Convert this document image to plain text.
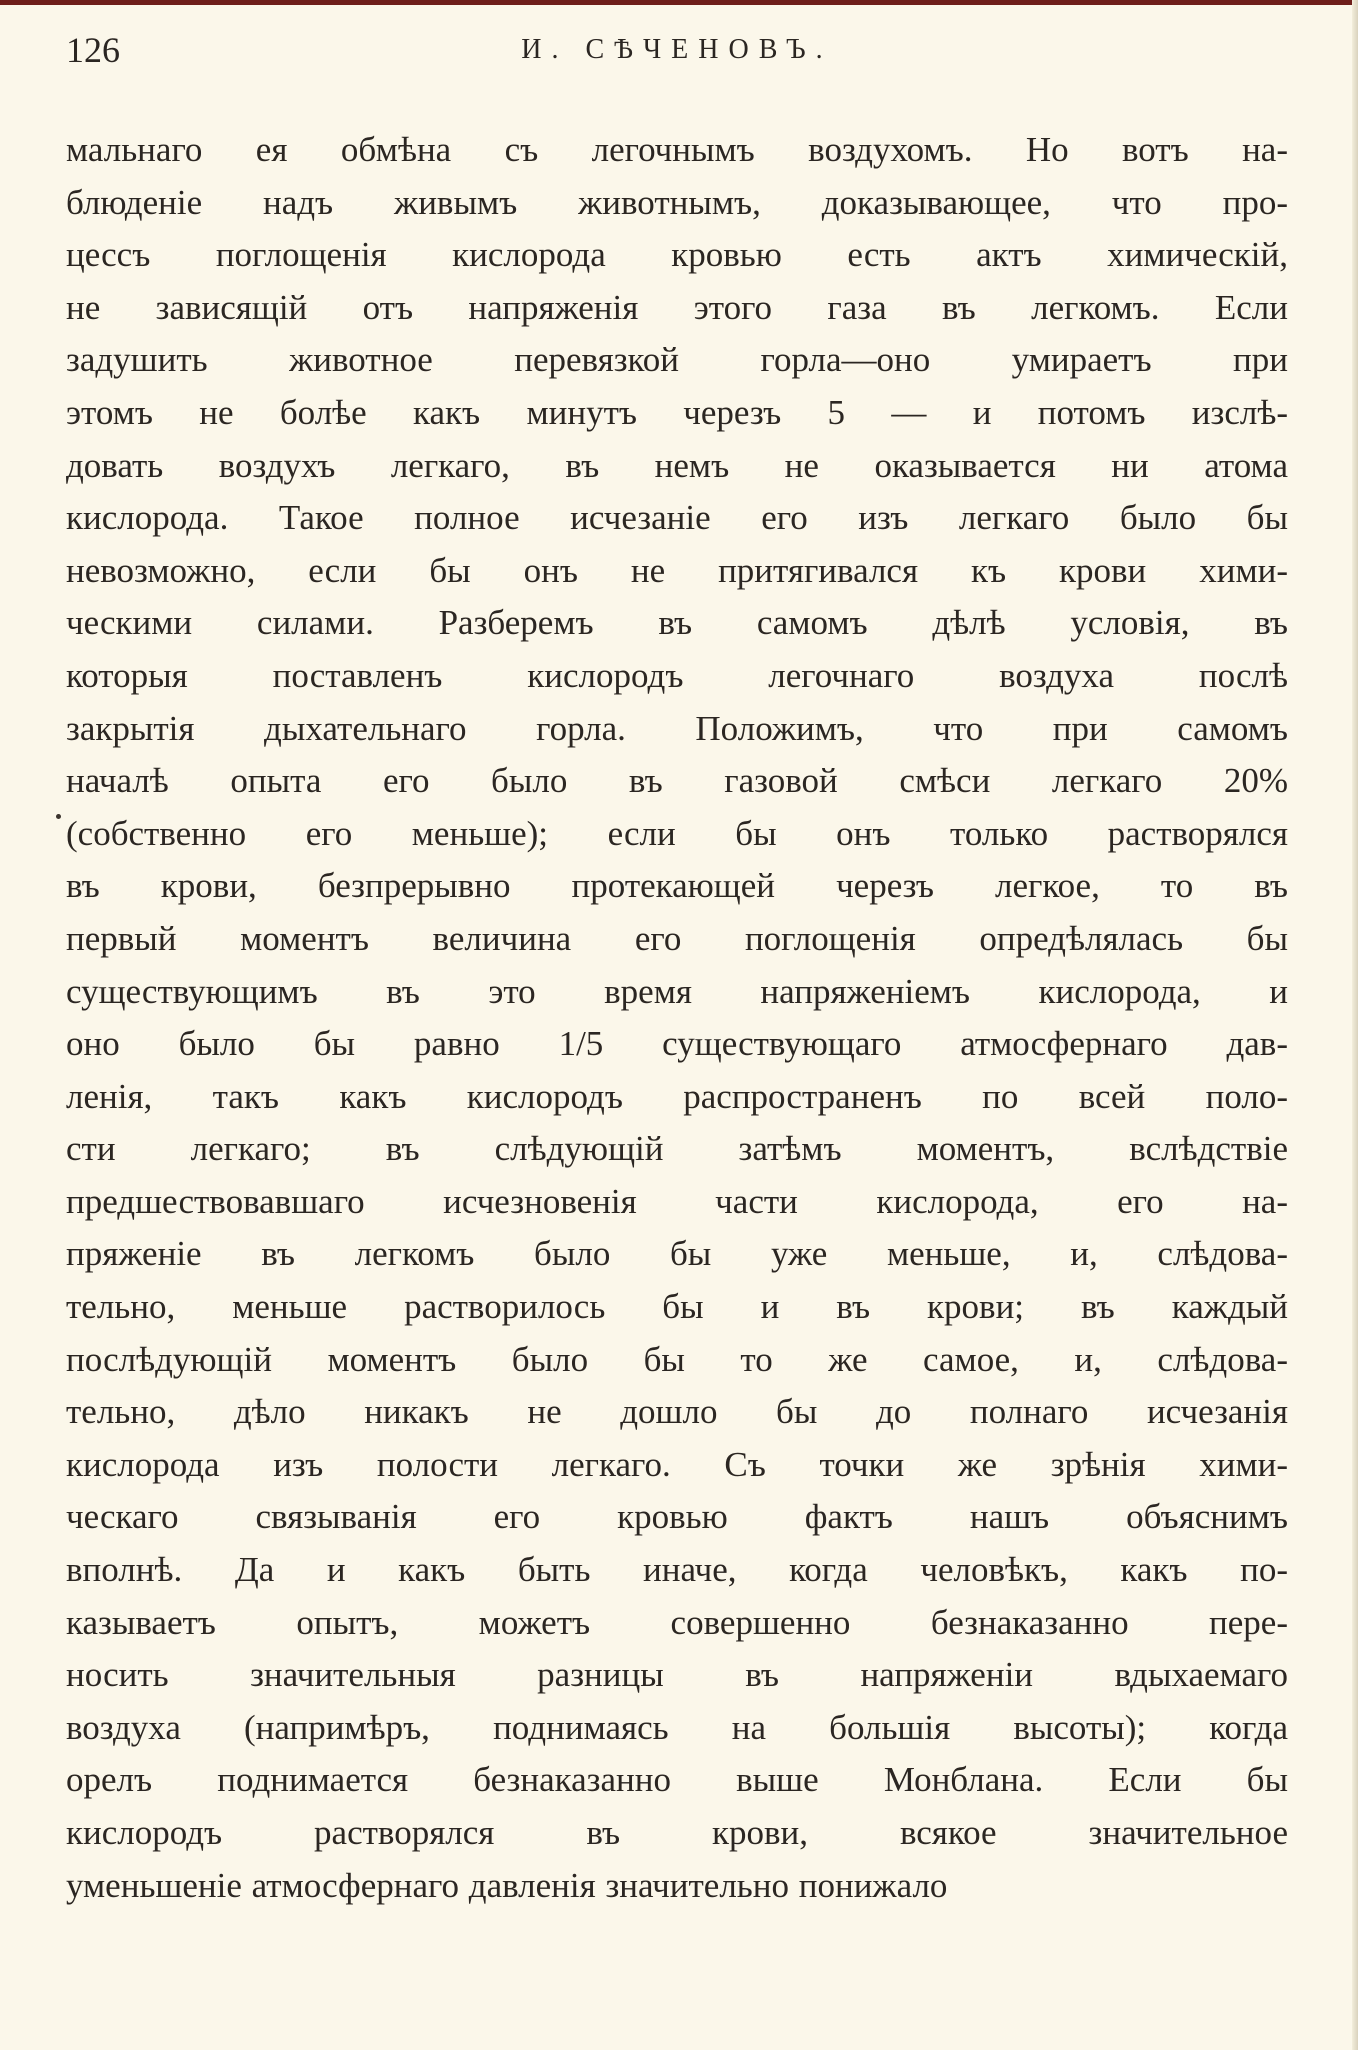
126	И. СѢЧЕНОВЪ.
мальнаго ея обмѣна съ легочнымъ воздухомъ. Но вотъ на-
блюденіе надъ живымъ животнымъ, доказывающее, что про-
цессъ поглощенія кислорода кровью есть актъ химическій,
не зависящій отъ напряженія этого газа въ легкомъ. Если
задушить животное перевязкой горла—оно умираетъ при
этомъ не болѣе какъ минутъ черезъ 5 — и потомъ изслѣ-
довать воздухъ легкаго, въ немъ не оказывается ни атома
кислорода. Такое полное исчезаніе его изъ легкаго было бы
невозможно, если бы онъ не притягивался къ крови хими-
ческими силами. Разберемъ въ самомъ дѣлѣ условія, въ
которыя поставленъ кислородъ легочнаго воздуха послѣ
закрытія дыхательнаго горла. Положимъ, что при самомъ
началѣ опыта его было въ газовой смѣси легкаго 20%
(собственно его меньше); если бы онъ только растворялся
въ крови, безпрерывно протекающей черезъ легкое, то въ
первый моментъ величина его поглощенія опредѣлялась бы
существующимъ въ это время напряженіемъ кислорода, и
оно было бы равно 1/5 существующаго атмосфернаго дав-
ленія, такъ какъ кислородъ распространенъ по всей поло-
сти легкаго; въ слѣдующій затѣмъ моментъ, вслѣдствіе
предшествовавшаго исчезновенія части кислорода, его на-
пряженіе въ легкомъ было бы уже меньше, и, слѣдова-
тельно, меньше растворилось бы и въ крови; въ каждый
послѣдующій моментъ было бы то же самое, и, слѣдова-
тельно, дѣло никакъ не дошло бы до полнаго исчезанія
кислорода изъ полости легкаго. Съ точки же зрѣнія хими-
ческаго связыванія его кровью фактъ нашъ объяснимъ
вполнѣ. Да и какъ быть иначе, когда человѣкъ, какъ по-
казываетъ опытъ, можетъ совершенно безнаказанно пере-
носить значительныя разницы въ напряженіи вдыхаемаго
воздуха (напримѣръ, поднимаясь на большія высоты); когда
орелъ поднимается безнаказанно выше Монблана. Если бы
кислородъ растворялся въ крови, всякое значительное
уменьшеніе атмосфернаго давленія значительно понижало
